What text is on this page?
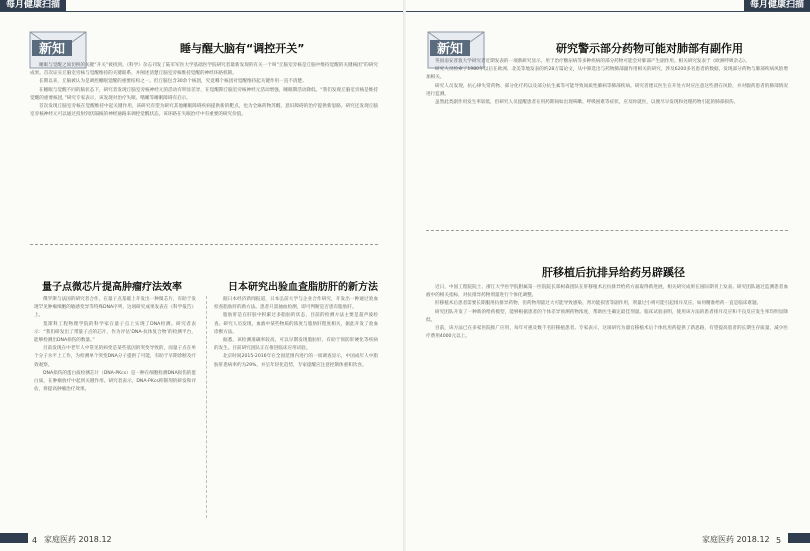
每月健康扫描
新知	睡与醒大脑有“调控开关”

睡眠与觉醒之间切换的关键“开关”被找到。《科学》杂志刊发了陆军军医大学基础医学院研究者最新发现的有关一个叫“丘脑室旁核是丘脑中维持觉醒的关键核团”的研究成果。首次证实丘脑室旁核与觉醒维持的关键联系，并阐述清楚丘脑室旁核维持觉醒的神经环路机制。

长期以来，丘脑被认为是调控睡眠觉醒的重要结构之一。但丘脑包含30余个核团，究竟哪个核团对觉醒维持起关键作用一直不清楚。

在睡眠与觉醒不同的脑状态下，研究者发现丘脑室旁核神经元的活动有明显差异，在觉醒期丘脑室旁核神经元活动增强，睡眠期活动降低。“我们发现丘脑室旁核是维持觉醒的重要核团，”研究专家表示，该发现对治疗失眠、嗜睡等睡眠障碍有启示。

首次发现丘脑室旁核在觉醒维持中起关键作用，该研究有望为研究其他睡眠障碍疾病提供新的靶点，也为全麻药物苏醒、意识障碍的治疗提供新思路。研究还发现丘脑室旁核神经元可以通过投射到伏隔核的神经通路来调控觉醒状态，该环路在失眠治疗中有重要的研究价值。

量子点微芯片提高肿瘤疗法效率

俄罗斯与法国的研究者合作，在量子点基础上开发出一种微芯片，有助于发现罕见肿瘤细胞的敏感变异等特殊DNA序列，这项研究成果发表在《科学报告》上。

莫斯科工程物理学院的科学家在量子点上实现了DNA检测。研究者表示：“我们研发出了带量子点的芯片，作为评估‘DNA-抗体复合物’的检测平台，能够检测出DNA损伤的数量。”

目前发现在中老年人中常见的病变是某些基因的突变导致的，而量子点在单个分子水平上工作，为检测单个突变DNA分子提供了可能，有助于早期诊断及疗效观察。

DNA损伤的蛋白质检测芯片（DNA-PKcs）是一种在细胞检测DNA损伤的蛋白质，在肿瘤放疗中起到关键作用。研究者表示，DNA-PKcs抑制剂的研发和评估，将提高肿瘤治疗效果。

日本研究出验血查脂肪肝的新方法

据日本经济新闻报道，日本弘前大学与企业合作研究，开发出一种通过验血检查脂肪肝的新方法。患者只需抽血检测，即可判断是否患有脂肪肝。

脂肪肝是在肝脏中积累过多脂肪的状态，目前的检测方法主要是超声波检查。研究人员发现，血液中某些物质的浓度与脂肪肝程度相关，据此开发了验血诊断方法。

据悉，该检测准确率较高，可以早期发现脂肪肝，有助于预防肝硬化等疾病的发生。目前研究团队正在推进临床应用试验。

北京时间2015-2016年在全国范围内进行的一项调查显示，中国成年人中脂肪肝患病率约为29%，并呈年轻化趋势，专家提醒应注意控制体重和饮食。

4 家庭医药 2018.12
每月健康扫描
新知	研究警示部分药物可能对肺部有副作用

英国南安普敦大学研究者近期发表的一项新研究显示，用于治疗糖尿病等多种疾病的部分药物可能会对肺部产生副作用。相关研究发表于《欧洲呼吸杂志》。

研究人员检索了1980年以后在欧洲、北美等地发表的约28万篇论文，从中筛选出与药物肺部副作用相关的研究，涉及6200多名患者的数据，发现部分药物与肺部疾病风险增加相关。

研究人员发现，抗心律失常药物、部分化疗药以及部分抗生素等可能导致间质性肺病等肺部疾病。研究者建议医生在开处方时应注意这些潜在风险，并对服药患者的肺部情况进行监测。

虽然此类副作用发生率较低，但研究人员提醒患者在用药期间如出现咳嗽、呼吸困难等症状，应及时就医，以便尽早发现和处理药物引起的肺部损伤。

肝移植后抗排异给药另辟蹊径

近日，中国工程院院士、浙江大学医学院附属第一医院院长郑树森团队在肝移植术后抗排异给药方面取得新进展，相关研究成果在国际期刊上发表。研究团队通过监测患者血液中的相关指标，对抗排异药物剂量进行个体化调整。

肝移植术后患者需要长期服用抗排异药物，但药物剂量过大可能导致感染、肾功能损害等副作用，剂量过小则可能引起排斥反应。如何精准给药一直是临床难题。

研究团队开发了一种新的给药模型，能够根据患者的个体差异预测药物浓度，帮助医生确定最佳剂量。临床试验表明，使用该方法的患者排斥反应和不良反应发生率均明显降低。

目前，该方法已在多家医院推广应用，每年可惠及数千名肝移植患者。专家表示，这项研究为器官移植术后个体化用药提供了新思路，有望提高患者的长期生存质量，减少医疗费用4000元以上。

家庭医药 2018.12 5
